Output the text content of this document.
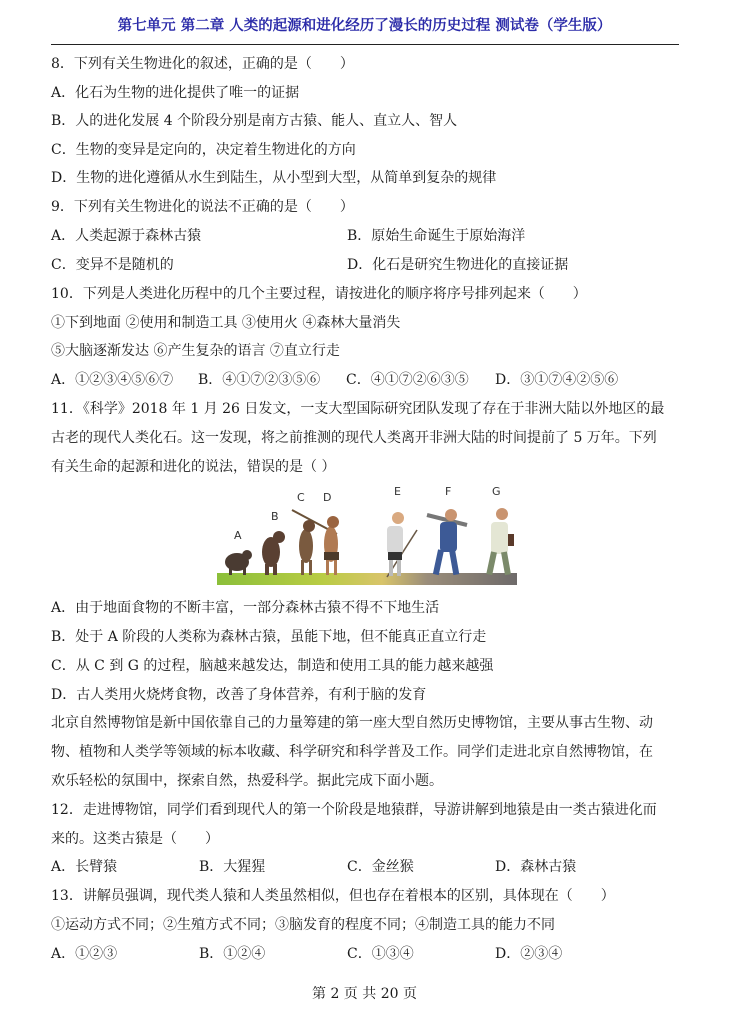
第七单元 第二章 人类的起源和进化经历了漫长的历史过程 测试卷（学生版）
8．下列有关生物进化的叙述，正确的是（　　）
A．化石为生物的进化提供了唯一的证据
B．人的进化发展 4 个阶段分别是南方古猿、能人、直立人、智人
C．生物的变异是定向的，决定着生物进化的方向
D．生物的进化遵循从水生到陆生，从小型到大型，从简单到复杂的规律
9．下列有关生物进化的说法不正确的是（　　）
A．人类起源于森林古猿	B．原始生命诞生于原始海洋
C．变异不是随机的	D．化石是研究生物进化的直接证据
10．下列是人类进化历程中的几个主要过程，请按进化的顺序将序号排列起来（　　）
①下到地面 ②使用和制造工具 ③使用火 ④森林大量消失
⑤大脑逐渐发达 ⑥产生复杂的语言 ⑦直立行走
A．①②③④⑤⑥⑦ B．④①⑦②③⑤⑥ C．④①⑦②⑥③⑤ D．③①⑦④②⑤⑥
11．《科学》2018 年 1 月 26 日发文，一支大型国际研究团队发现了存在于非洲大陆以外地区的最
古老的现代人类化石。这一发现，将之前推测的现代人类离开非洲大陆的时间提前了 5 万年。下列
有关生命的起源和进化的说法，错误的是（ ）
A
B
C D	E	F	G
A．由于地面食物的不断丰富，一部分森林古猿不得不下地生活
B．处于 A 阶段的人类称为森林古猿，虽能下地，但不能真正直立行走
C．从 C 到 G 的过程，脑越来越发达，制造和使用工具的能力越来越强
D．古人类用火烧烤食物，改善了身体营养，有利于脑的发育
北京自然博物馆是新中国依靠自己的力量筹建的第一座大型自然历史博物馆，主要从事古生物、动
物、植物和人类学等领域的标本收藏、科学研究和科学普及工作。同学们走进北京自然博物馆，在
欢乐轻松的氛围中，探索自然，热爱科学。据此完成下面小题。
12．走进博物馆，同学们看到现代人的第一个阶段是地猿群，导游讲解到地猿是由一类古猿进化而
来的。这类古猿是（　　）
A．长臂猿	B．大猩猩	C．金丝猴	D．森林古猿
13．讲解员强调，现代类人猿和人类虽然相似，但也存在着根本的区别，具体现在（　　）
①运动方式不同；②生殖方式不同；③脑发育的程度不同；④制造工具的能力不同
A．①②③	B．①②④	C．①③④	D．②③④
第 2 页 共 20 页
